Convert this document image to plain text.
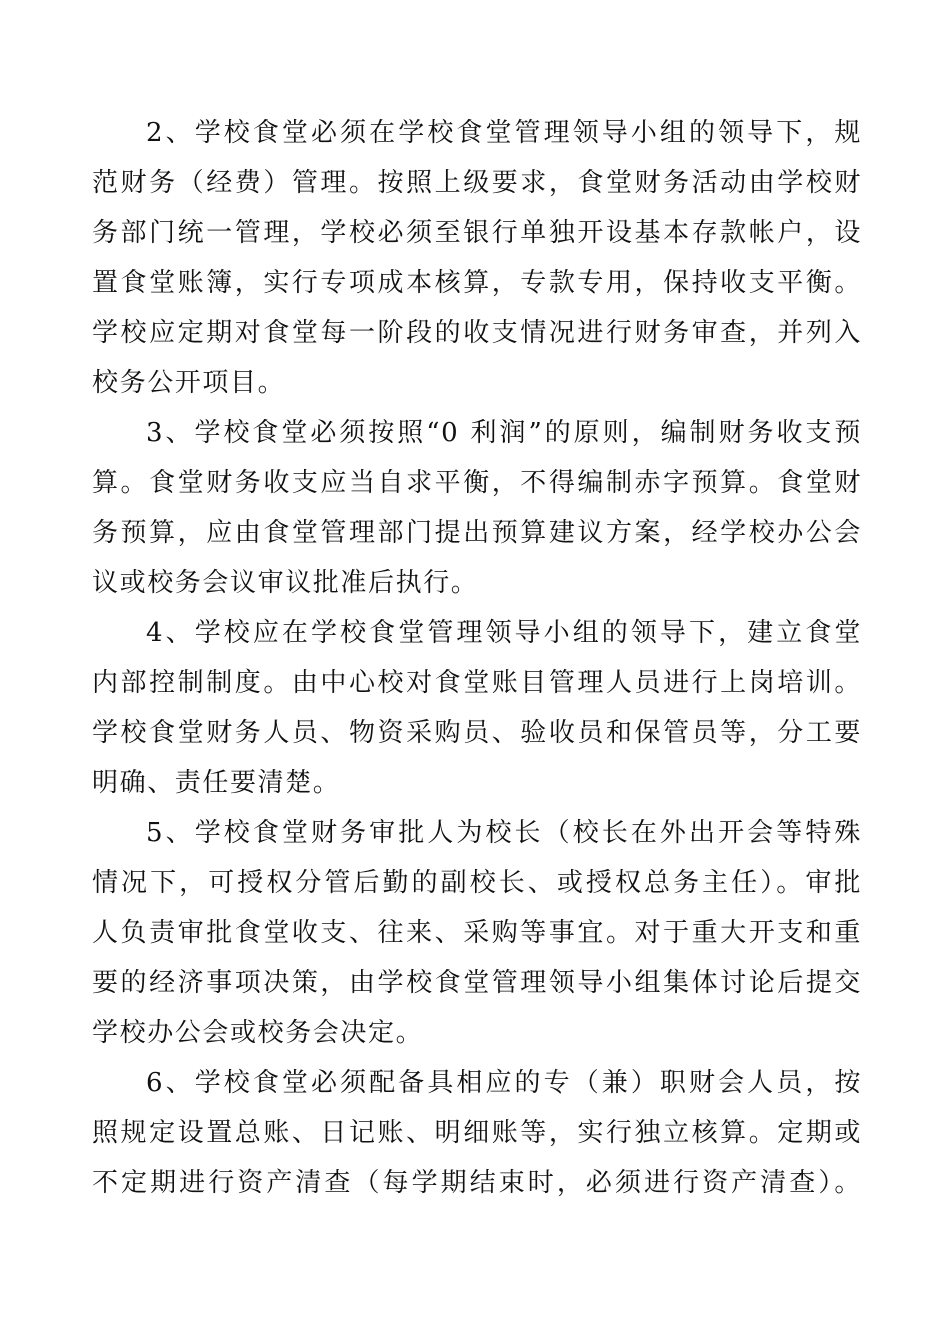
2、学校食堂必须在学校食堂管理领导小组的领导下，规
范财务（经费）管理。按照上级要求，食堂财务活动由学校财
务部门统一管理，学校必须至银行单独开设基本存款帐户，设
置食堂账簿，实行专项成本核算，专款专用，保持收支平衡。
学校应定期对食堂每一阶段的收支情况进行财务审查，并列入
校务公开项目。
3、学校食堂必须按照“0 利润”的原则，编制财务收支预
算。食堂财务收支应当自求平衡，不得编制赤字预算。食堂财
务预算，应由食堂管理部门提出预算建议方案，经学校办公会
议或校务会议审议批准后执行。
4、学校应在学校食堂管理领导小组的领导下，建立食堂
内部控制制度。由中心校对食堂账目管理人员进行上岗培训。
学校食堂财务人员、物资采购员、验收员和保管员等，分工要
明确、责任要清楚。
5、学校食堂财务审批人为校长（校长在外出开会等特殊
情况下，可授权分管后勤的副校长、或授权总务主任）。审批
人负责审批食堂收支、往来、采购等事宜。对于重大开支和重
要的经济事项决策，由学校食堂管理领导小组集体讨论后提交
学校办公会或校务会决定。
6、学校食堂必须配备具相应的专（兼）职财会人员，按
照规定设置总账、日记账、明细账等，实行独立核算。定期或
不定期进行资产清查（每学期结束时，必须进行资产清查）。
